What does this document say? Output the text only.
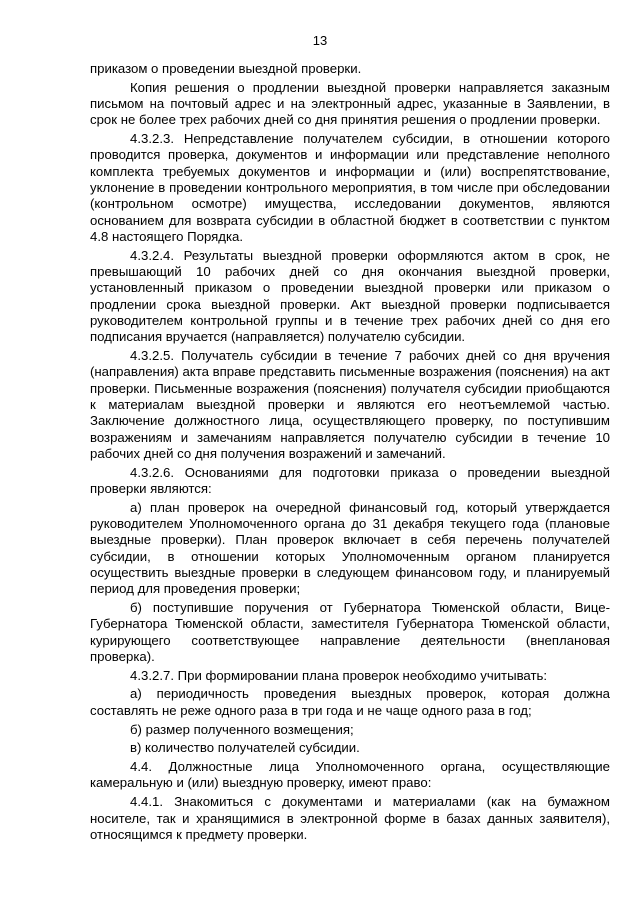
13

приказом о проведении выездной проверки.

Копия решения о продлении выездной проверки направляется заказным письмом на почтовый адрес и на электронный адрес, указанные в Заявлении, в срок не более трех рабочих дней со дня принятия решения о продлении проверки.

4.3.2.3. Непредставление получателем субсидии, в отношении которого проводится проверка, документов и информации или представление неполного комплекта требуемых документов и информации и (или) воспрепятствование, уклонение в проведении контрольного мероприятия, в том числе при обследовании (контрольном осмотре) имущества, исследовании документов, являются основанием для возврата субсидии в областной бюджет в соответствии с пунктом 4.8 настоящего Порядка.

4.3.2.4. Результаты выездной проверки оформляются актом в срок, не превышающий 10 рабочих дней со дня окончания выездной проверки, установленный приказом о проведении выездной проверки или приказом о продлении срока выездной проверки. Акт выездной проверки подписывается руководителем контрольной группы и в течение трех рабочих дней со дня его подписания вручается (направляется) получателю субсидии.

4.3.2.5. Получатель субсидии в течение 7 рабочих дней со дня вручения (направления) акта вправе представить письменные возражения (пояснения) на акт проверки. Письменные возражения (пояснения) получателя субсидии приобщаются к материалам выездной проверки и являются его неотъемлемой частью. Заключение должностного лица, осуществляющего проверку, по поступившим возражениям и замечаниям направляется получателю субсидии в течение 10 рабочих дней со дня получения возражений и замечаний.

4.3.2.6. Основаниями для подготовки приказа о проведении выездной проверки являются:

а) план проверок на очередной финансовый год, который утверждается руководителем Уполномоченного органа до 31 декабря текущего года (плановые выездные проверки). План проверок включает в себя перечень получателей субсидии, в отношении которых Уполномоченным органом планируется осуществить выездные проверки в следующем финансовом году, и планируемый период для проведения проверки;

б) поступившие поручения от Губернатора Тюменской области, Вице-Губернатора Тюменской области, заместителя Губернатора Тюменской области, курирующего соответствующее направление деятельности (внеплановая проверка).

4.3.2.7. При формировании плана проверок необходимо учитывать:

а) периодичность проведения выездных проверок, которая должна составлять не реже одного раза в три года и не чаще одного раза в год;

б) размер полученного возмещения;

в) количество получателей субсидии.

4.4. Должностные лица Уполномоченного органа, осуществляющие камеральную и (или) выездную проверку, имеют право:

4.4.1. Знакомиться с документами и материалами (как на бумажном носителе, так и хранящимися в электронной форме в базах данных заявителя), относящимся к предмету проверки.
